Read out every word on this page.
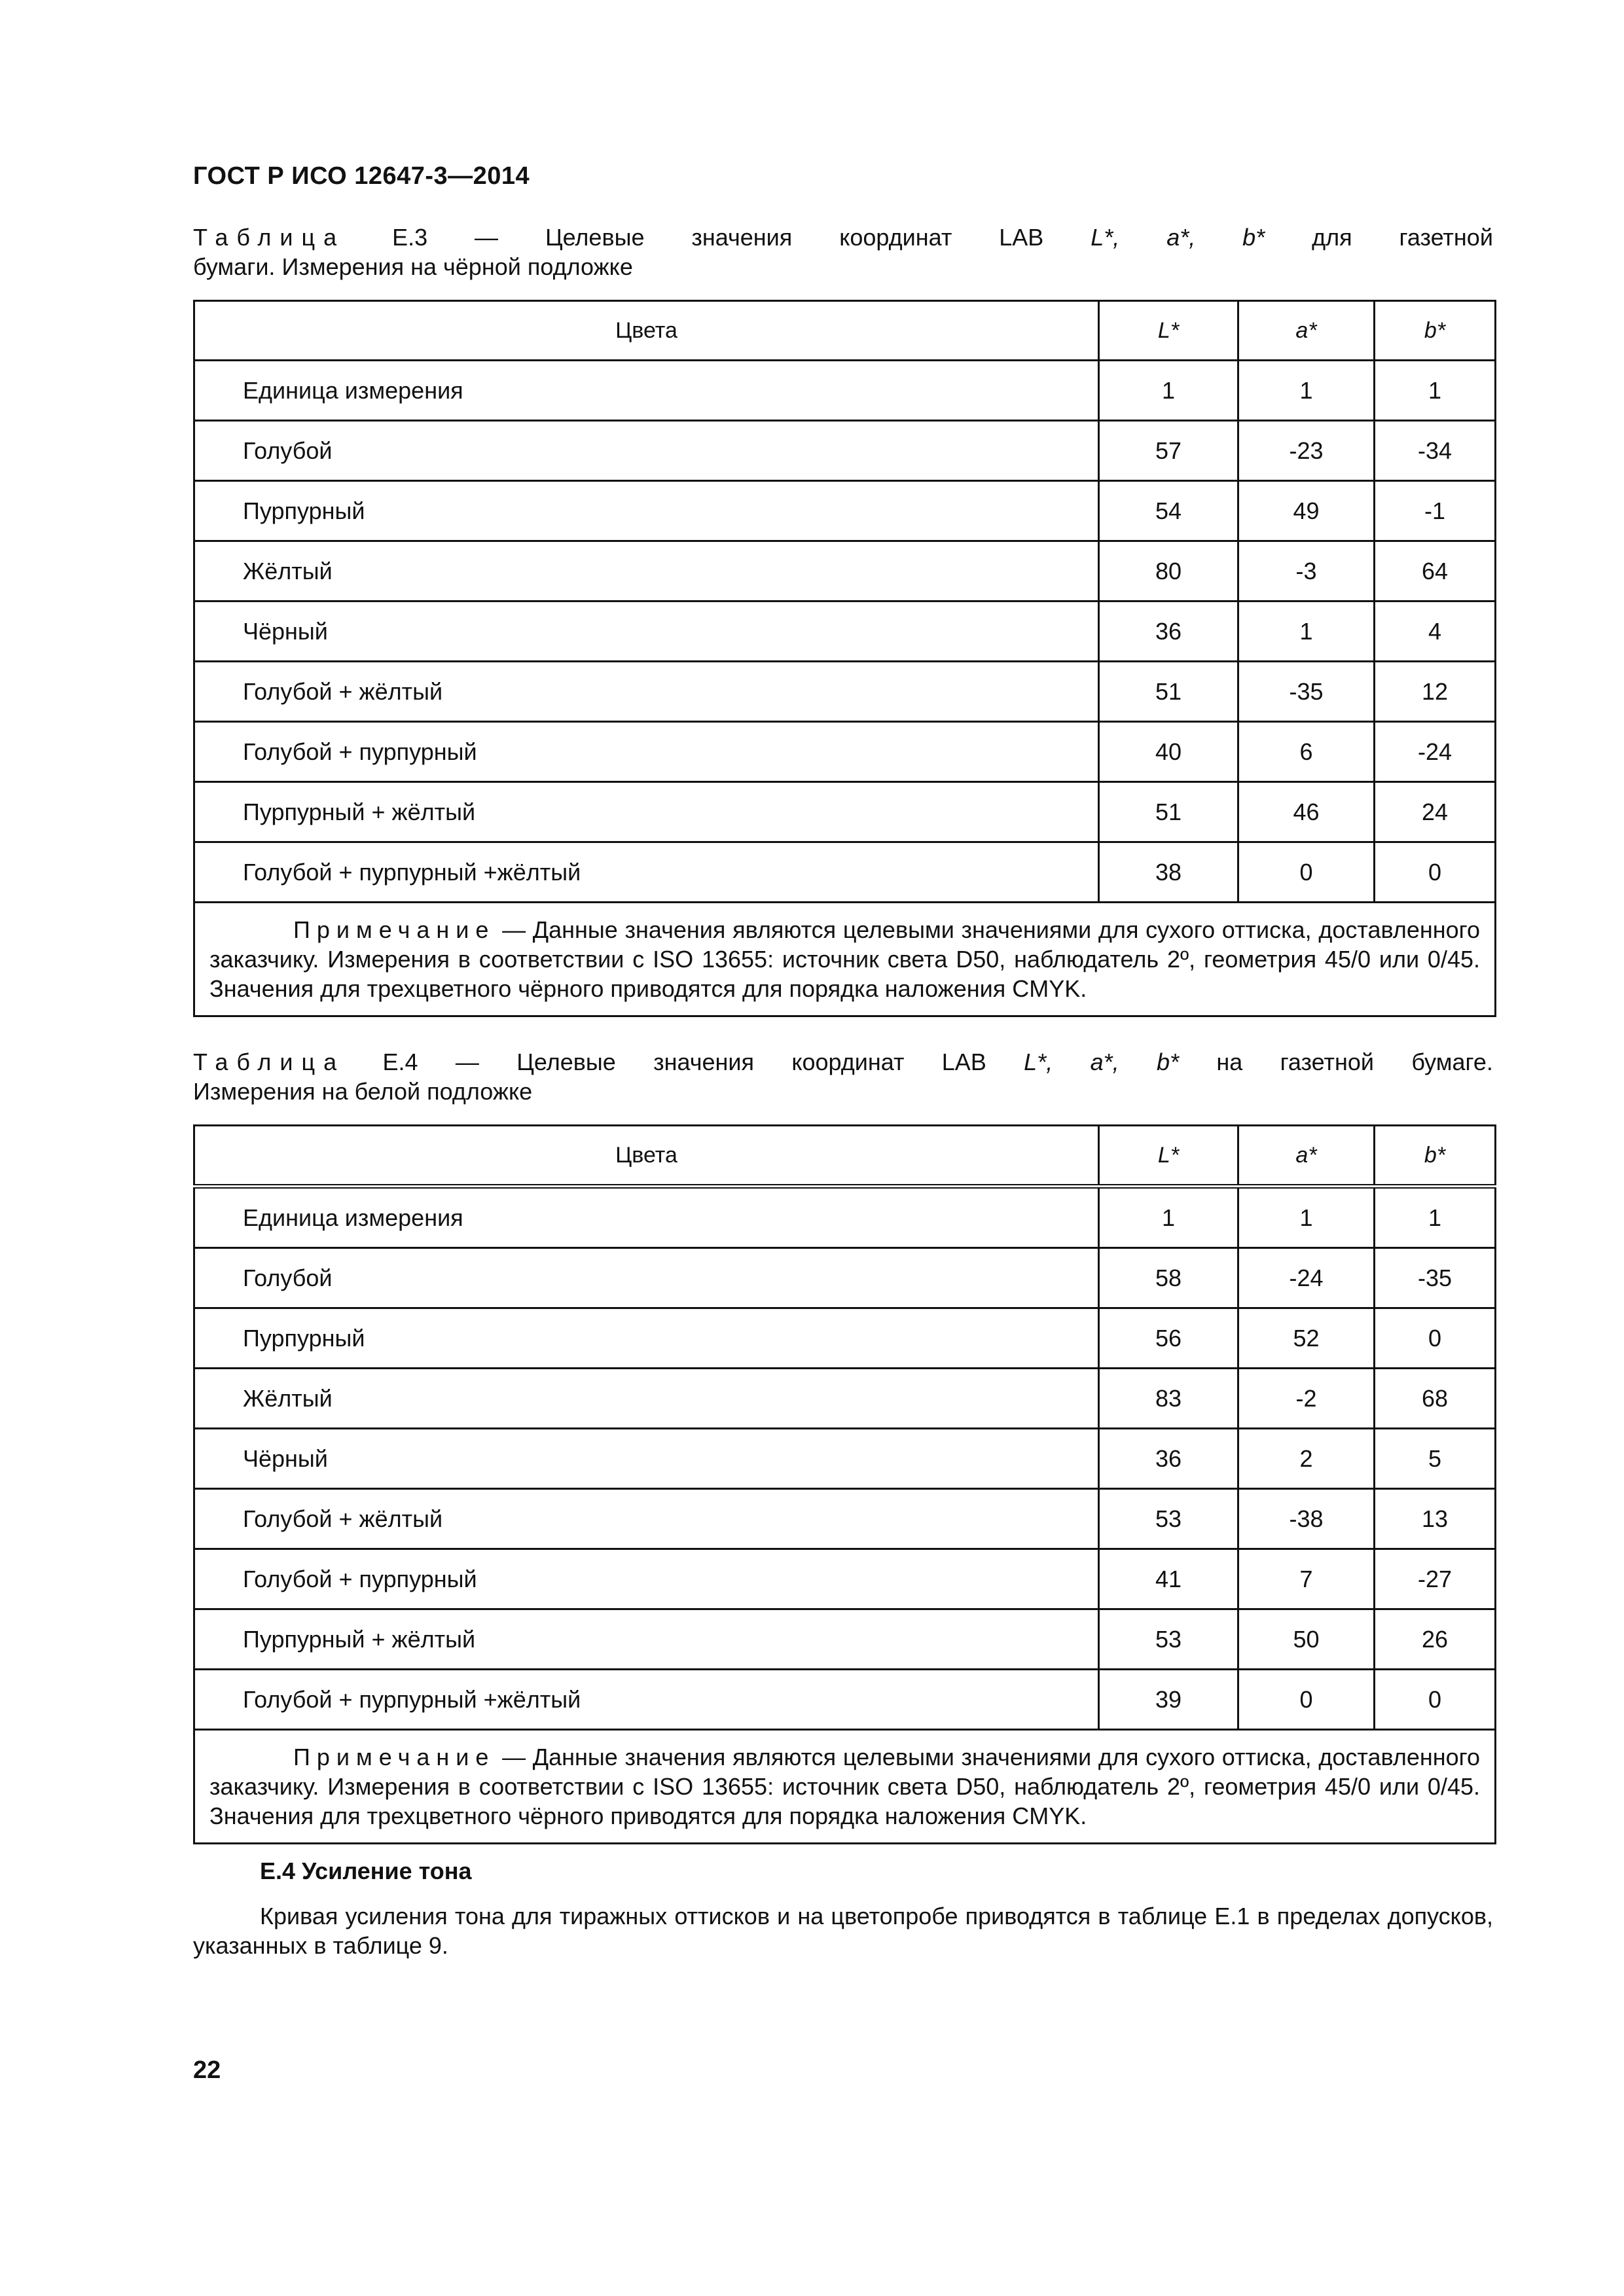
ГОСТ Р ИСО 12647-3—2014
Таблица Е.3 — Целевые значения координат LAB L*, a*, b* для газетной
бумаги. Измерения на чёрной подложке
Цвета	L*	a*	b*
Единица измерения	1	1	1
Голубой	57	-23	-34
Пурпурный	54	49	-1
Жёлтый	80	-3	64
Чёрный	36	1	4
Голубой + жёлтый	51	-35	12
Голубой + пурпурный	40	6	-24
Пурпурный + жёлтый	51	46	24
Голубой + пурпурный +жёлтый	38	0	0
Примечание — Данные значения являются целевыми значениями для сухого оттиска, доставленного заказчику. Измерения в соответствии с ISO 13655: источник света D50, наблюдатель 2º, геометрия 45/0 или 0/45. Значения для трехцветного чёрного приводятся для порядка наложения CMYK.			
Таблица Е.4 — Целевые значения координат LAB L*, a*, b* на газетной бумаге.
Измерения на белой подложке
Цвета	L*	a*	b*
Единица измерения	1	1	1
Голубой	58	-24	-35
Пурпурный	56	52	0
Жёлтый	83	-2	68
Чёрный	36	2	5
Голубой + жёлтый	53	-38	13
Голубой + пурпурный	41	7	-27
Пурпурный + жёлтый	53	50	26
Голубой + пурпурный +жёлтый	39	0	0
Примечание — Данные значения являются целевыми значениями для сухого оттиска, доставленного заказчику. Измерения в соответствии с ISO 13655: источник света D50, наблюдатель 2º, геометрия 45/0 или 0/45. Значения для трехцветного чёрного приводятся для порядка наложения CMYK.			
Е.4 Усиление тона
Кривая усиления тона для тиражных оттисков и на цветопробе приводятся в таблице Е.1 в пределах допусков, указанных в таблице 9.
22
